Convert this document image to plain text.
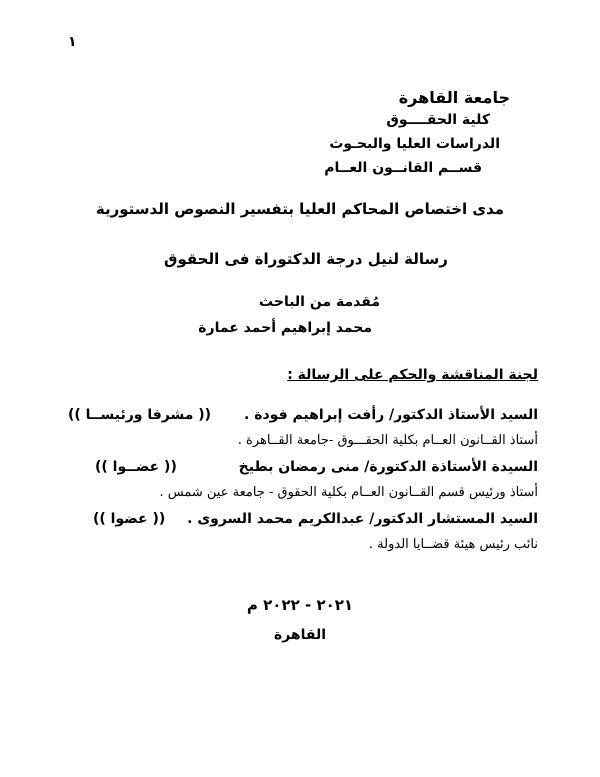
١
جامعة القاهرة
كلية الحقــــوق
الدراسات العليا والبحـوث
قســم القانــون العــام
مدى اختصاص المحاكم العليا بتفسير النصوص الدستورية
رسالة لنيل درجة الدكتوراة فى الحقوق
مُقدمة من الباحث
محمد إبراهيم أحمد عمارة
لجنة المناقشة والحكم على الرسالة :
السيد الأستاذ الدكتور/ رأفت إبراهيم فودة .
(( مشرفا ورئيســا ))
أستاذ القــانون العــام بكلية الحقـــوق -جامعة القــاهرة .
السيدة الأستاذة الدكتورة/ منى رمضان بطيخ
(( عضــوا ))
أستاذ ورئيس قسم القــانون العــام بكلية الحقوق - جامعة عين شمس .
السيد المستشار الدكتور/ عبدالكريم محمد السروى .
(( عضوا ))
نائب رئيس هيئة قضــايا الدولة .
٢٠٢١ - ٢٠٢٢ م
القاهرة
